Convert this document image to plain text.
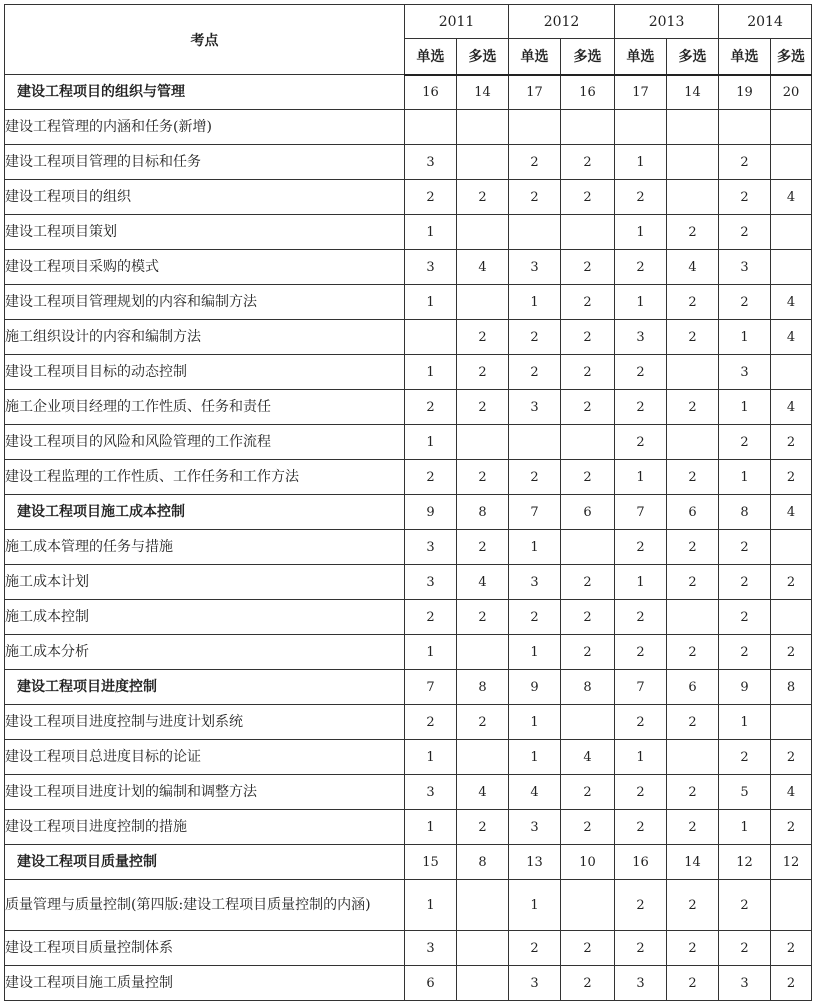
考点	2011		2012		2013		2014	
	单选	多选	单选	多选	单选	多选	单选	多选
建设工程项目的组织与管理	16	14	17	16	17	14	19	20
建设工程管理的内涵和任务(新增)								
建设工程项目管理的目标和任务	3		2	2	1		2	
建设工程项目的组织	2	2	2	2	2		2	4
建设工程项目策划	1				1	2	2	
建设工程项目采购的模式	3	4	3	2	2	4	3	
建设工程项目管理规划的内容和编制方法	1		1	2	1	2	2	4
施工组织设计的内容和编制方法		2	2	2	3	2	1	4
建设工程项目目标的动态控制	1	2	2	2	2		3	
施工企业项目经理的工作性质、任务和责任	2	2	3	2	2	2	1	4
建设工程项目的风险和风险管理的工作流程	1				2		2	2
建设工程监理的工作性质、工作任务和工作方法	2	2	2	2	1	2	1	2
建设工程项目施工成本控制	9	8	7	6	7	6	8	4
施工成本管理的任务与措施	3	2	1		2	2	2	
施工成本计划	3	4	3	2	1	2	2	2
施工成本控制	2	2	2	2	2		2	
施工成本分析	1		1	2	2	2	2	2
建设工程项目进度控制	7	8	9	8	7	6	9	8
建设工程项目进度控制与进度计划系统	2	2	1		2	2	1	
建设工程项目总进度目标的论证	1		1	4	1		2	2
建设工程项目进度计划的编制和调整方法	3	4	4	2	2	2	5	4
建设工程项目进度控制的措施	1	2	3	2	2	2	1	2
建设工程项目质量控制	15	8	13	10	16	14	12	12
质量管理与质量控制(第四版:建设工程项目质量控制的内涵)	1		1		2	2	2	
建设工程项目质量控制体系	3		2	2	2	2	2	2
建设工程项目施工质量控制	6		3	2	3	2	3	2
